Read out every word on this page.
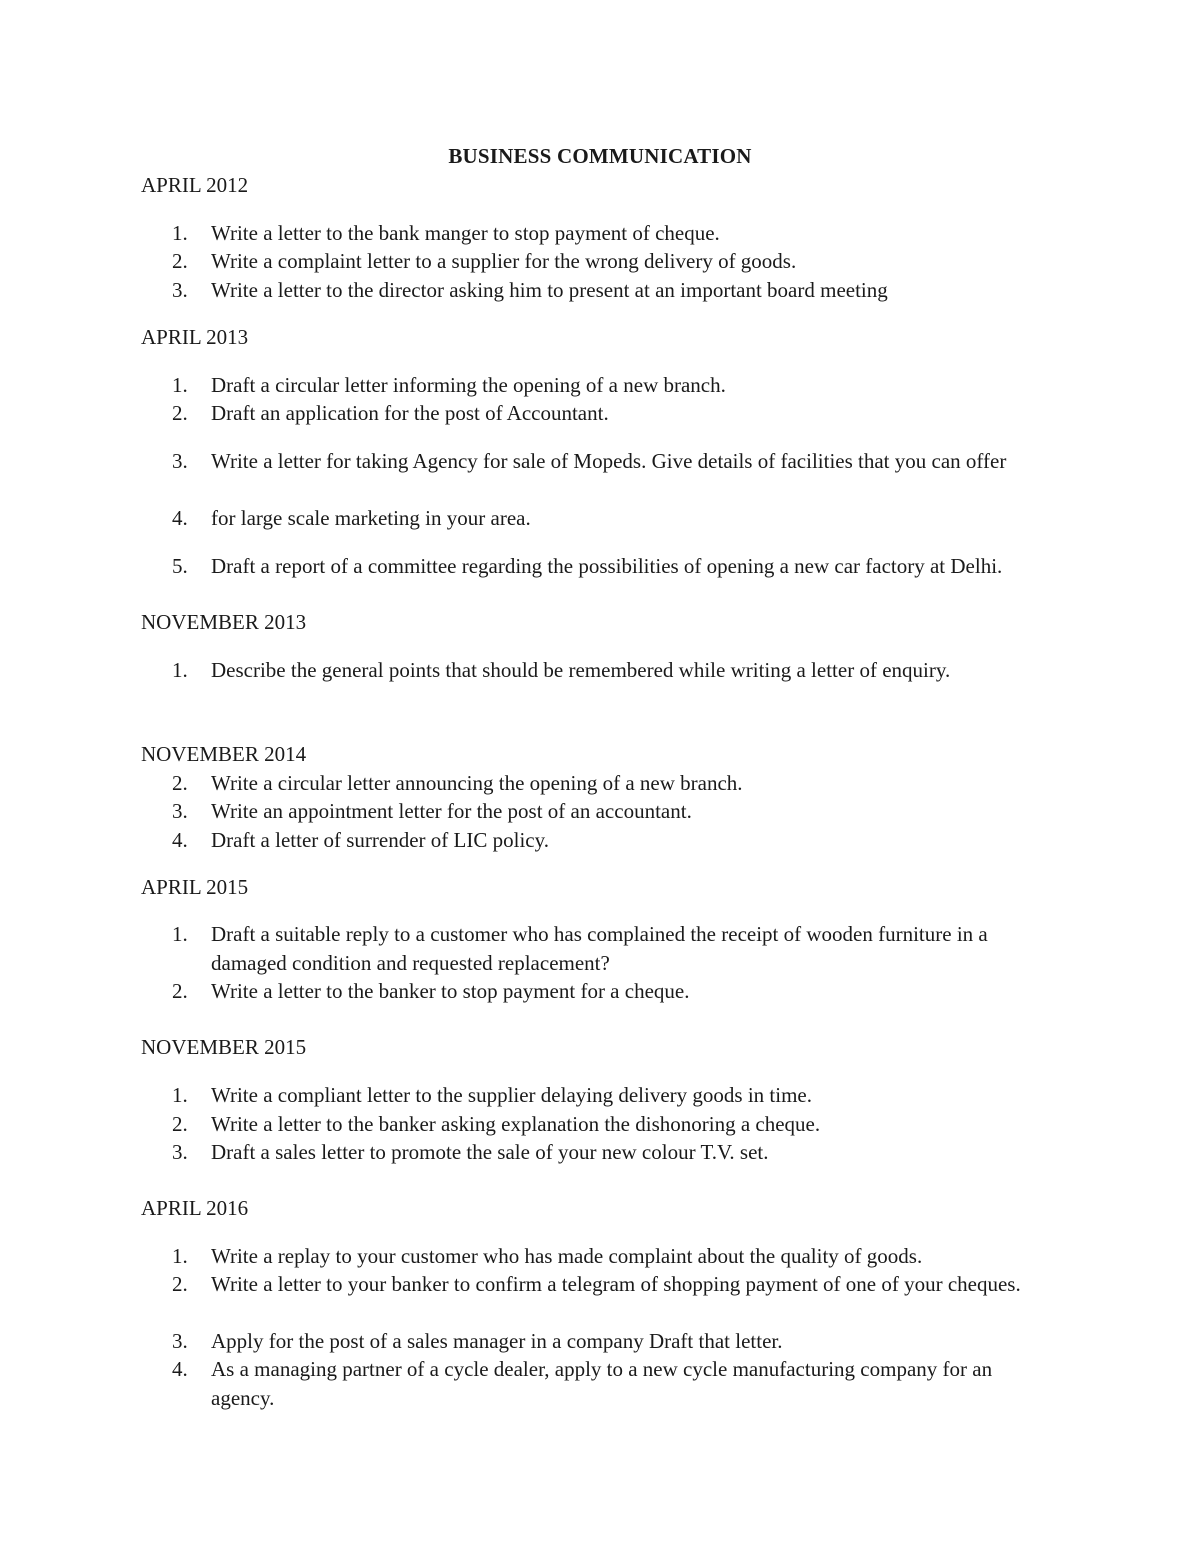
BUSINESS COMMUNICATION
APRIL 2012
1.	Write a letter to the bank manger to stop payment of cheque.
2.	Write a complaint letter to a supplier for the wrong delivery of goods.
3.	Write a letter to the director asking him to present at an important board meeting
APRIL 2013
1.	Draft a circular letter informing the opening of a new branch.
2.	Draft an application for the post of Accountant.
3.	Write a letter for taking Agency for sale of Mopeds. Give details of facilities that you can offer
4.	for large scale marketing in your area.
5.	Draft a report of a committee regarding the possibilities of opening a new car factory at Delhi.
NOVEMBER 2013
1.	Describe the general points that should be remembered while writing a letter of enquiry.
NOVEMBER 2014
2.	Write a circular letter announcing the opening of a new branch.
3.	Write an appointment letter for the post of an accountant.
4.	Draft a letter of surrender of LIC policy.
APRIL 2015
1.	Draft a suitable reply to a customer who has complained the receipt of wooden furniture in a damaged condition and requested replacement?
2.	Write a letter to the banker to stop payment for a cheque.
NOVEMBER 2015
1.	Write a compliant letter to the supplier delaying delivery goods in time.
2.	Write a letter to the banker asking explanation the dishonoring a cheque.
3.	Draft a sales letter to promote the sale of your new colour T.V. set.
APRIL 2016
1.	Write a replay to your customer who has made complaint about the quality of goods.
2.	Write a letter to your banker to confirm a telegram of shopping payment of one of your cheques.
3.	Apply for the post of a sales manager in a company Draft that letter.
4.	As a managing partner of a cycle dealer, apply to a new cycle manufacturing company for an agency.
